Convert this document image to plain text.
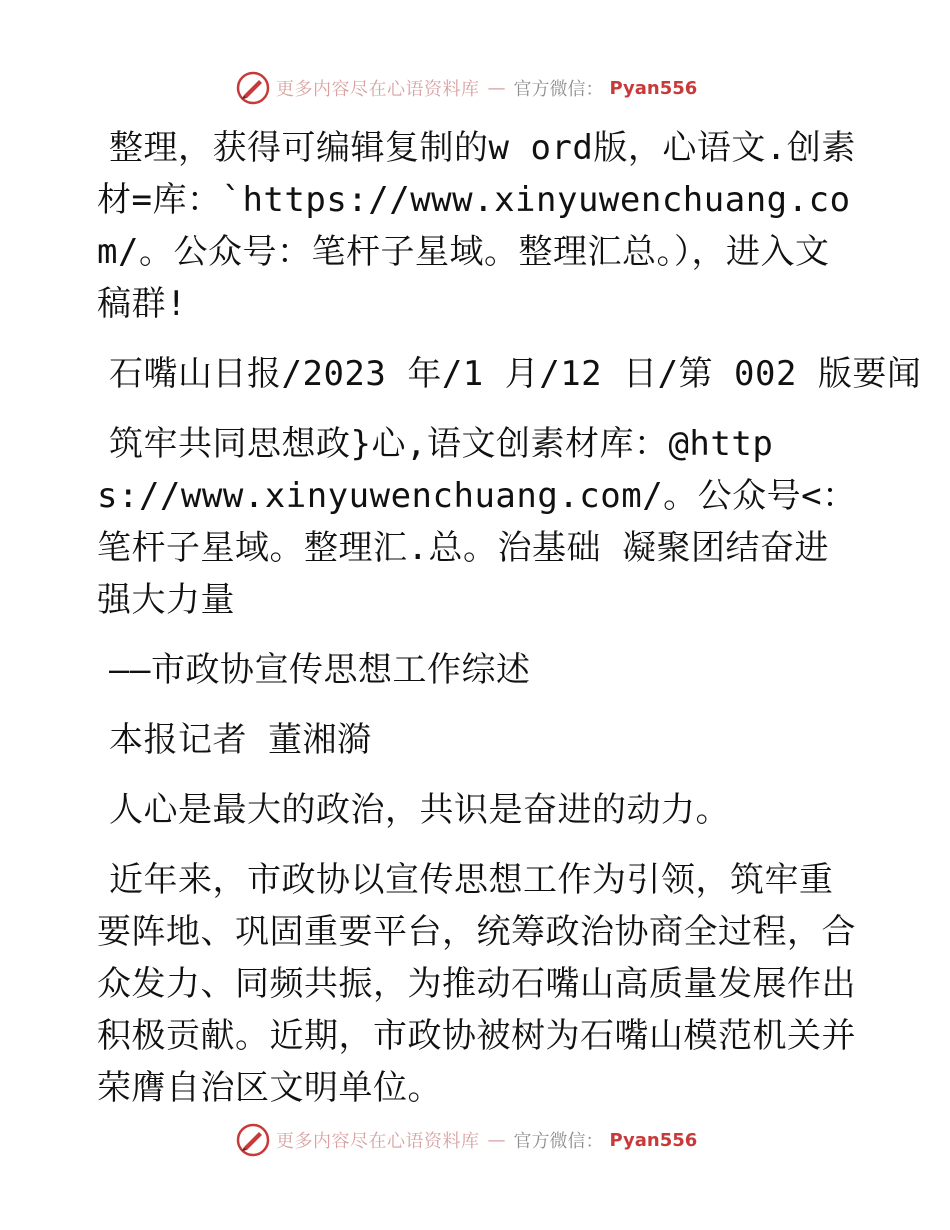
更多内容尽在心语资料库 — 官方微信： Pyan556

整理，获得可编辑复制的w ord版，心语文.创素材=库：`https://www.xinyuwenchuang.com/。公众号：笔杆子星域。整理汇总。），进入文稿群!

石嘴山日报/2023 年/1 月/12 日/第 002 版要闻

筑牢共同思想政}心,语文创素材库：@https://www.xinyuwenchuang.com/。公众号<：笔杆子星域。整理汇.总。治基础 凝聚团结奋进强大力量

——市政协宣传思想工作综述

本报记者 董湘漪

人心是最大的政治，共识是奋进的动力。

近年来，市政协以宣传思想工作为引领，筑牢重要阵地、巩固重要平台，统筹政治协商全过程，合众发力、同频共振，为推动石嘴山高质量发展作出积极贡献。近期，市政协被树为石嘴山模范机关并荣膺自治区文明单位。

更多内容尽在心语资料库 — 官方微信： Pyan556
